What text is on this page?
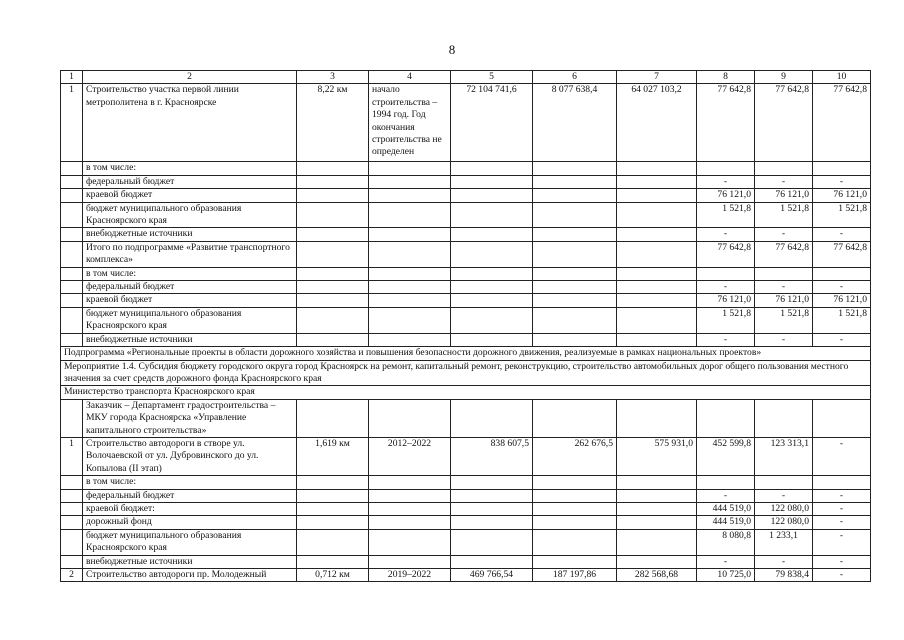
8
1	2	3	4	5	6	7	8	9	10
1	Строительство участка первой линии метрополитена в г. Красноярске	8,22 км	начало строительства – 1994 год. Год окончания строительства не определен	72 104 741,6	8 077 638,4	64 027 103,2	77 642,8	77 642,8	77 642,8
	в том числе:								
	федеральный бюджет						-	-	-
	краевой бюджет						76 121,0	76 121,0	76 121,0
	бюджет муниципального образования Красноярского края						1 521,8	1 521,8	1 521,8
	внебюджетные источники						-	-	-
	Итого по подпрограмме «Развитие транспортного комплекса»						77 642,8	77 642,8	77 642,8
	в том числе:								
	федеральный бюджет						-	-	-
	краевой бюджет						76 121,0	76 121,0	76 121,0
	бюджет муниципального образования Красноярского края						1 521,8	1 521,8	1 521,8
	внебюджетные источники						-	-	-
Подпрограмма «Региональные проекты в области дорожного хозяйства и повышения безопасности дорожного движения, реализуемые в рамках национальных проектов»									
Мероприятие 1.4. Субсидия бюджету городского округа город Красноярск на ремонт, капитальный ремонт, реконструкцию, строительство автомобильных дорог общего пользования местного значения за счет средств дорожного фонда Красноярского края									
Министерство транспорта Красноярского края									
	Заказчик – Департамент градостроительства – МКУ города Красноярска «Управление капитального строительства»								
1	Строительство автодороги в створе ул. Волочаевской от ул. Дубровинского до ул. Копылова (II этап)	1,619 км	2012–2022	838 607,5	262 676,5	575 931,0	452 599,8	123 313,1	-
	в том числе:								
	федеральный бюджет						-	-	-
	краевой бюджет:						444 519,0	122 080,0	-
	дорожный фонд						444 519,0	122 080,0	-
	бюджет муниципального образования Красноярского края						8 080,8	1 233,1	-
	внебюджетные источники						-	-	-
2	Строительство автодороги пр. Молодежный	0,712 км	2019–2022	469 766,54	187 197,86	282 568,68	10 725,0	79 838,4	-
